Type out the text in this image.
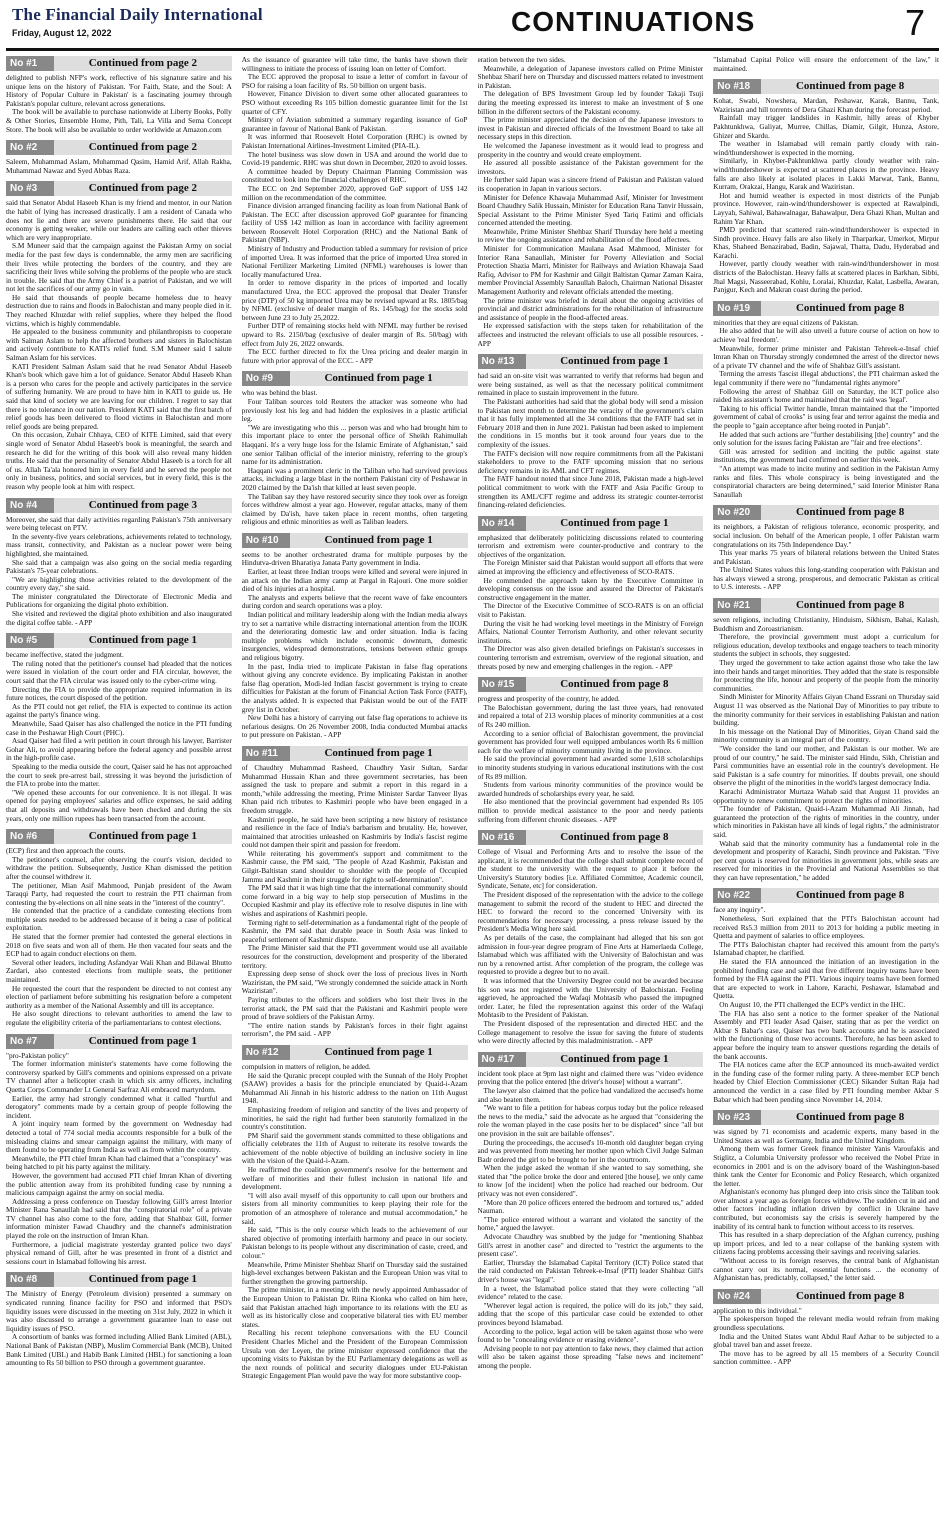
The Financial Daily International
Friday, August 12, 2022	CONTINUATIONS	7
No #1	Continued from page 2

delighted to publish NFP's work, reflective of his signature satire and his unique lens on the history of Pakistan. 'For Faith, State, and the Soul: A History of Popular Culture in Pakistan' is a fascinating journey through Pakistan's popular culture, relevant across generations.

The book will be available to purchase nationwide at Liberty Books, Polly & Other Stories, Ensemble Home, Pith, Tali, La Villa and Sema Concept Store. The book will also be available to order worldwide at Amazon.com

No #2	Continued from page 2

Saleem, Muhammad Aslam, Muhammad Qasim, Hamid Arif, Allah Rakha, Muhammad Nawaz and Syed Abbas Raza.

No #3	Continued from page 2

said that Senator Abdul Haseeb Khan is my friend and mentor, in our Nation the habit of lying has increased drastically. I am a resident of Canada who does not lie and there are severe punishments there. He said that our economy is getting weaker, while our leaders are calling each other thieves which are very inappropriate.

S.M Muneer said that the campaign against the Pakistan Army on social media for the past few days is condemnable, the army men are sacrificing their lives while protecting the borders of the country, and they are sacrificing their lives while solving the problems of the people who are stuck in trouble. He said that the Army Chief is a patriot of Pakistan, and we will not let the sacrifices of our army go in vain.

He said that thousands of people became homeless due to heavy destruction due to rains and floods in Balochistan and many people died in it. They reached Khuzdar with relief supplies, where they helped the flood victims, which is highly commendable.

He appealed to the business community and philanthropists to cooperate with Salman Aslam to help the affected brothers and sisters in Balochistan and actively contribute to KATI's relief fund. S.M Muneer said I salute Salman Aslam for his services.

KATI President Salman Aslam said that he read Senator Abdul Haseeb Khan's book which gave him a lot of guidance. Senator Abdul Haseeb Khan is a person who cares for the people and actively participates in the service of suffering humanity. We are proud to have him in KATI to guide us. He said that kind of society we are leaving for our children. I regret to say that there is no tolerance in our nation. President KATI said that the first batch of relief goods has been delivered to flood victims in Balochistan and more relief goods are being prepared.

On this occasion, Zubair Chhaya, CEO of KITE Limited, said that every single word of Senator Abdul Haseeb's book is meaningful, the search and research he did for the writing of this book will also reveal many hidden truths. He said that the personality of Senator Abdul Haseeb is a torch for all of us. Allah Ta'ala honored him in every field and he served the people not only in business, politics, and social services, but in every field, this is the reason why people look at him with respect.

No #4	Continued from page 3

Moreover, she said that daily activities regarding Pakistan's 75th anniversary were being telecast on PTV.

In the seventy-five years celebrations, achievements related to technology, mass transit, connectivity, and Pakistan as a nuclear power were being highlighted, she maintained.

She said that a campaign was also going on the social media regarding Pakistan's 75-year celebrations.

"We are highlighting those activities related to the development of the country every day," she said.

The minister congratulated the Directorate of Electronic Media and Publications for organizing the digital photo exhibition.

She visited and reviewed the digital photo exhibition and also inaugurated the digital coffee table. - APP

No #5	Continued from page 1

became ineffective, stated the judgment.

The ruling noted that the petitioner's counsel had pleaded that the notices were issued in violation of the court order and FIA circular, however, the court said that the FIA circular was issued only to the cyber-crime wing.

Directing the FIA to provide the appropriate required information in its future notices, the court disposed of the petition.

As the PTI could not get relief, the FIA is expected to continue its action against the party's finance wing.

Meanwhile, Saad Qaiser has also challenged the notice in the PTI funding case in the Peshawar High Court (PHC).

Asad Qaiser had filed a writ petition in court through his lawyer, Barrister Gohar Ali, to avoid appearing before the federal agency and possible arrest in the high-profile case.

Speaking to the media outside the court, Qaiser said he has not approached the court to seek pre-arrest bail, stressing it was beyond the jurisdiction of the FIA to probe into the matter.

"We opened these accounts for our convenience. It is not illegal. It was opened for paying employees' salaries and office expenses, he said adding that all deposits and withdrawals have been checked and during the six years, only one million rupees has been transacted from the account.

No #6	Continued from page 1

(ECP) first and then approach the courts.

The petitioner's counsel, after observing the court's vision, decided to withdraw the petition. Subsequently, Justice Khan dismissed the petition after the counsel withdrew it.

The petitioner, Mian Asif Mahmood, Punjab president of the Awam Taraqqi Party, had requested the court to restrain the PTI chairman from contesting the by-elections on all nine seats in the "interest of the country".

He contended that the practice of a candidate contesting elections from multiple seats needed to be addressed because of it being a case of political exploitation.

He stated that the former premier had contested the general elections in 2018 on five seats and won all of them. He then vacated four seats and the ECP had to again conduct elections on them.

Several other leaders, including Asfandyar Wali Khan and Bilawal Bhutto Zardari, also contested elections from multiple seats, the petitioner maintained.

He requested the court that the respondent be directed to not contest any election of parliament before submitting his resignation before a competent authority as a member of the National Assembly and till its acceptance.

He also sought directions to relevant authorities to amend the law to regulate the eligibility criteria of the parliamentarians to contest elections.

No #7	Continued from page 1

"pro-Pakistan policy"

The former information minister's statements have come following the controversy sparked by Gill's comments and opinions expressed on a private TV channel after a helicopter crash in which six army officers, including Quetta Corps Commander Lt General Sarfraz Ali embraced martyrdom.

Earlier, the army had strongly condemned what it called "hurtful and derogatory" comments made by a certain group of people following the incident.

A joint inquiry team formed by the government on Wednesday had detected a total of 774 social media accounts responsible for a bulk of the misleading claims and smear campaign against the military, with many of them found to be operating from India as well as from within the country.

Meanwhile, the PTI chief Imran Khan had claimed that a "conspiracy" was being hatched to pit his party against the military.

However, the government had accused PTI chief Imran Khan of diverting the public attention away from its prohibited funding case by running a malicious campaign against the army on social media.

Addressing a press conference on Tuesday following Gill's arrest Interior Minister Rana Sanaullah had said that the "conspiratorial role" of a private TV channel has also come to the fore, adding that Shahbaz Gill, former information minister Fawad Chaudhry and the channel's administration played the role on the instruction of Imran Khan.

Furthermore, a judicial magistrate yesterday granted police two days' physical remand of Gill, after he was presented in front of a district and sessions court in Islamabad following his arrest.

No #8	Continued from page 1

The Ministry of Energy (Petroleum division) presented a summary on syndicated running finance facility for PSO and informed that PSO's liquidity issues were discussed in the meeting on 31st July, 2022 in which it was also discussed to arrange a government guarantee loan to ease out liquidity issues of PSO.

A consortium of banks was formed including Allied Bank Limited (ABL), National Bank of Pakistan (NBP), Muslim Commercial Bank (MCB), United Bank Limited (UBL) and Habib Bank Limited (HBL) for sanctioning a loan amounting to Rs 50 billion to PSO through a government guarantee.

As the issuance of guarantee will take time, the banks have shown their willingness to initiate the process of issuing loan on letter of Comfort.

The ECC approved the proposal to issue a letter of comfort in favour of PSO for raising a loan facility of Rs. 50 billion on urgent basis.

However, Finance Division to divert some other allocated guarantees to PSO without exceeding Rs 105 billion domestic guarantee limit for the 1st quarter of CFY.

Ministry of Aviation submitted a summary regarding issuance of GoP guarantee in favour of National Bank of Pakistan.

It was informed that Roosevelt Hotel Corporation (RHC) is owned by Pakistan International Airlines-Investment Limited (PIA-IL).

The hotel business was slow down in USA and around the world due to Covid-19 pandemic. RHC was shut down in December, 2020 to avoid losses.

A committee headed by Deputy Chairman Planning Commission was constituted to look into the financial challenges of RHC.

The ECC on 2nd September 2020, approved GoP support of US$ 142 million on the recommendation of the committee.

Finance division arranged financing facility as loan from National Bank of Pakistan. The ECC after discussion approved GoP guarantee for financing facility of US$ 142 million as loan in accordance with facility agreement between Roosevelt Hotel Corporation (RHC) and the National Bank of Pakistan (NBP).

Ministry of Industry and Production tabled a summary for revision of price of imported Urea. It was informed that the price of imported Urea stored in National Fertilizer Marketing Limited (NFML) warehouses is lower than locally manufactured Urea.

In order to remove disparity in the prices of imported and locally manufactured Urea, the ECC approved the proposal that Dealer Transfer price (DTP) of 50 kg imported Urea may be revised upward at Rs. 1805/bag by NFML (exclusive of dealer margin of Rs. 145/bag) for the stocks sold between June 23 to July 25,2022.

Further DTP of remaining stocks held with NFML may further be revised upward to Rs. 2150/bag (exclusive of dealer margin of Rs. 50/bag) with effect from July 26, 2022 onwards.

The ECC further directed to fix the Urea pricing and dealer margin in future with prior approval of the ECC. - APP

No #9	Continued from page 1

who was behind the blast.

Four Taliban sources told Reuters the attacker was someone who had previously lost his leg and had hidden the explosives in a plastic artificial leg.

"We are investigating who this ... person was and who had brought him to this important place to enter the personal office of Sheikh Rahimullah Haqqani. It's a very huge loss for the Islamic Emirate of Afghanistan," said one senior Taliban official of the interior ministry, referring to the group's name for its administration.

Haqqani was a prominent cleric in the Taliban who had survived previous attacks, including a large blast in the northern Pakistani city of Peshawar in 2020 claimed by the Da'ish that killed at least seven people.

The Taliban say they have restored security since they took over as foreign forces withdrew almost a year ago. However, regular attacks, many of them claimed by Da'ish, have taken place in recent months, often targeting religious and ethnic minorities as well as Taliban leaders.

No #10	Continued from page 1

seems to be another orchestrated drama for multiple purposes by the Hindutva-driven Bharatiya Janata Party government in India.

Earlier, at least three Indian troops were killed and several were injured in an attack on the Indian army camp at Pargal in Rajouri. One more soldier died of his injuries at a hospital.

The analysts and experts believe that the recent wave of fake encounters during cordon and search operations was a ploy.

Indian political and military leadership along with the Indian media always try to set a narrative while distracting international attention from the IIOJK and the deteriorating domestic law and order situation. India is facing multiple problems which include economic downturn, domestic insurgencies, widespread demonstrations, tensions between ethnic groups and religious bigotry.

In the past, India tried to implicate Pakistan in false flag operations without giving any concrete evidence. By implicating Pakistan in another false flag operation, Modi-led Indian fascist government is trying to create difficulties for Pakistan at the forum of Financial Action Task Force (FATF), the analysts added. It is expected that Pakistan would be out of the FATF grey list in October.

New Delhi has a history of carrying out false flag operations to achieve its nefarious designs. On 26 November 2008, India conducted Mumbai attacks to put pressure on Pakistan. - APP

No #11	Continued from page 1

of Chaudhry Muhammad Rasheed, Chaudhry Yasir Sultan, Sardar Muhammad Hussain Khan and three government secretaries, has been assigned the task to prepare and submit a report in this regard in a month,"while addressing the meeting, Prime Minister Sardar Tanveer Ilyas Khan paid rich tributes to Kashmiri people who have been engaged in a freedom struggle.

Kashmiri people, he said have been scripting a new history of resistance and resilience in the face of India's barbarism and brutality. He, however, maintained that atrocities unleashed on Kashmiris by India's fascist regime could not dampen their spirit and passion for freedom.

While reiterating his government's support and commitment to the Kashmir cause, the PM said, "The people of Azad Kashmir, Pakistan and Gilgit-Baltistan stand shoulder to shoulder with the people of Occupied Jammu and Kashmir in their struggle for right to self-determination".

The PM said that it was high time that the international community should come forward in a big way to help stop persecution of Muslims in the Occupied Kashmir and play its effective role to resolve disputes in line with wishes and aspirations of Kashmiri people.

Terming right to self-determination as a fundamental right of the people of Kashmir, the PM said that durable peace in South Asia was linked to peaceful settlement of Kashmir dispute.

The Prime Minister said that the PTI government would use all available resources for the construction, development and prosperity of the liberated territory.

Expressing deep sense of shock over the loss of precious lives in North Waziristan, the PM said, "We strongly condemned the suicide attack in North Waziristan".

Paying tributes to the officers and soldiers who lost their lives in the terrorist attack, the PM said that the Pakistani and Kashmiri people were proud of brave soldiers of the Pakistan Army.

"The entire nation stands by Pakistan's forces in their fight against terrorism", the PM said. - APP

No #12	Continued from page 1

compulsion in matters of religion, he added.

He said the Quranic precept coupled with the Sunnah of the Holy Prophet (SAAW) provides a basis for the principle enunciated by Quaid-i-Azam Muhammad Ali Jinnah in his historic address to the nation on 11th August 1948.

Emphasizing freedom of religion and sanctity of the lives and property of minorities, he said the right had further been statutorily formalized in the country's constitution.

PM Sharif said the government stands committed to these obligations and officially celebrates the 11th of August to reiterate its resolve towards the achievement of the noble objective of building an inclusive society in line with the vision of the Quaid-i-Azam.

He reaffirmed the coalition government's resolve for the betterment and welfare of minorities and their fullest inclusion in national life and development.

"I will also avail myself of this opportunity to call upon our brothers and sisters from all minority communities to keep playing their role for the promotion of an atmosphere of tolerance and mutual accommodation," he said.

He said, "This is the only course which leads to the achievement of our shared objective of promoting interfaith harmony and peace in our society. Pakistan belongs to its people without any discrimination of caste, creed, and colour."

Meanwhile, Prime Minister Shehbaz Sharif on Thursday said the sustained high-level exchanges between Pakistan and the European Union was vital to further strengthen the growing partnership.

The prime minister, in a meeting with the newly appointed Ambassador of the European Union to Pakistan Dr. Riina Kionka who called on him here, said that Pakistan attached high importance to its relations with the EU as well as its historically close and cooperative bilateral ties with EU member states.

Recalling his recent telephone conversations with the EU Council President Charles Michel and the President of the European Commission Ursula von der Leyen, the prime minister expressed confidence that the upcoming visits to Pakistan by the EU Parliamentary delegations as well as the next rounds of political and security dialogues under EU-Pakistan Strategic Engagement Plan would pave the way for more substantive coop-

eration between the two sides.

Meanwhile, a delegation of Japanese investors called on Prime Minister Shehbaz Sharif here on Thursday and discussed matters related to investment in Pakistan.

The delegation of BPS Investment Group led by founder Takaji Tsuji during the meeting expressed its interest to make an investment of $ one billion in the different sectors of the Pakistani economy.

The prime minister appreciated the decision of the Japanese investors to invest in Pakistan and directed officials of the Investment Board to take all necessary steps in this direction.

He welcomed the Japanese investment as it would lead to progress and prosperity in the country and would create employment.

He assured all possible assistance of the Pakistan government for the investors.

He further said Japan was a sincere friend of Pakistan and Pakistan valued its cooperation in Japan in various sectors.

Minister for Defence Khawaja Muhammad Asif, Minister for Investment Board Chaudhry Salik Hussain, Minister for Education Rana Tanvir Hussain, Special Assistant to the Prime Minister Syed Tariq Fatimi and officials concerned attended the meeting.

Meanwhile, Prime Minister Shehbaz Sharif Thursday here held a meeting to review the ongoing assistance and rehabilitation of the flood affectees.

Minister for Communication Maulana Asad Mahmood, Minister for Interior Rana Sanaullah, Minister for Poverty Alleviation and Social Protection Shazia Marri, Minister for Railways and Aviation Khawaja Saad Rafiq, Advisor to PM for Kashmir and Gilgit Baltistan Qamar Zaman Kaira, member Provincial Assembly Sanaullah Baloch, Chairman National Disaster Management Authority and relevant officials attended the meeting.

The prime minister was briefed in detail about the ongoing activities of provincial and district administrations for the rehabilitation of infrastructure and assistance of people in the flood-affected areas.

He expressed satisfaction with the steps taken for rehabilitation of the affectees and instructed the relevant officials to use all possible resources. - APP

No #13	Continued from page 1

had said an on-site visit was warranted to verify that reforms had begun and were being sustained, as well as that the necessary political commitment remained in place to sustain improvement in the future.

The Pakistani authorities had said that the global body will send a mission to Pakistan next month to determine the veracity of the government's claim that it has fully implemented all the 34 conditions that the FATF had set in February 2018 and then in June 2021. Pakistan had been asked to implement the conditions in 15 months but it took around four years due to the complexity of the issues.

The FATF's decision will now require commitments from all the Pakistani stakeholders to prove to the FATF upcoming mission that no serious deficiency remains in its AML and CFT regimes.

The FATF handout noted that since June 2018, Pakistan made a high-level political commitment to work with the FATF and Asia Pacific Group to strengthen its AML/CFT regime and address its strategic counter-terrorist financing-related deficiencies.

No #14	Continued from page 1

emphasized that deliberately politicizing discussions related to countering terrorism and extremism were counter-productive and contrary to the objectives of the organization.

The Foreign Minister said that Pakistan would support all efforts that were aimed at improving the efficiency and effectiveness of SCO-RATS.

He commended the approach taken by the Executive Committee in developing consensus on the issue and assured the Director of Pakistan's constructive engagement in the matter.

The Director of the Executive Committee of SCO-RATS is on an official visit to Pakistan.

During the visit he had working level meetings in the Ministry of Foreign Affairs, National Counter Terrorism Authority, and other relevant security institutions.

The Director was also given detailed briefings on Pakistan's successes in countering terrorism and extremism, overview of the regional situation, and threats posed by new and emerging challenges in the region. - APP

No #15	Continued from page 8

progress and prosperity of the country, he added.

The Balochistan government, during the last three years, had renovated and repaired a total of 213 worship places of minority communities at a cost of Rs 240 million.

According to a senior official of Balochistan government, the provincial government has provided four well equipped ambulances worth Rs 6 million each for the welfare of minority community living in the province.

He said the provincial government had awarded some 1,618 scholarships to minority students studying in various educational institutions with the cost of Rs 89 million.

Students from various minority communities of the province would be awarded hundreds of scholarships every year, he said.

He also mentioned that the provincial government had expended Rs 105 million to provide medical assistance to the poor and needy patients suffering from different chronic diseases. - APP

No #16	Continued from page 8

College of Visual and Performing Arts and to resolve the issue of the applicant, it is recommended that the college shall submit complete record of the student to the university with the request to place it before the University's Statutory bodies [i.e. Affiliated Committee, Academic council, Syndicate, Senate, etc] for consideration.

The President disposed of the representation with the advice to the college management to submit the record of the student to HEC and directed the HEC to forward the record to the concerned University with its recommendations for necessary processing, a press release issued by the President's Media Wing here said.

As per details of the case, the complainant had alleged that his son got admission in four-year degree program of Fine Arts at Hamerlaeda College, Islamabad which was affiliated with the University of Balochistan and was run by a renowned artist. After completion of the program, the college was requested to provide a degree but to no avail.

It was informed that the University Degree could not be awarded because his son was not registered with the University of Balochistan. Feeling aggrieved, he approached the Wafaqi Mohtasib who passed the impugned order. Later, he filed the representation against this order of the Wafaqi Mohtasib to the President of Pakistan.

The President disposed of the representation and directed HEC and the College management to resolve the issue for saving the future of students who were directly affected by this maladministration. - APP

No #17	Continued from page 1

incident took place at 9pm last night and claimed there was "video evidence proving that the police entered [the driver's house] without a warrant".

The lawyer also claimed that the police had vandalized the accused's home and also beaten them.

"We want to file a petition for habeas corpus today but the police released the news to the media," said the advocate as he argued that "considering the role the woman played in the case posits her to be displaced" since "all but one provision in the suit are bailable offenses".

During the proceedings, the accused's 10-month old daughter began crying and was prevented from meeting her mother upon which Civil Judge Salman Badr ordered the girl to be brought to her in the courtroom.

When the judge asked the woman if she wanted to say something, she stated that "the police broke the door and entered [the house], we only came to know [of the incident] when the police had reached our bedroom. Our privacy was not even considered".

"More than 20 police officers entered the bedroom and tortured us," added Nauman.

"The police entered without a warrant and violated the sanctity of the home," argued the lawyer.

Advocate Chaudhry was snubbed by the judge for "mentioning Shahbaz Gill's arrest in another case" and directed to "restrict the arguments to the present case".

Earlier, Thursday the Islamabad Capital Territory (ICT) Police stated that the raid conducted on Pakistan Tehreek-e-Insaf (PTI) leader Shahbaz Gill's driver's house was "legal".

In a tweet, the Islamabad police stated that they were collecting "all evidence" related to the case.

"Wherever legal action is required, the police will do its job," they said, adding that the scope of this particular case could be extended to other provinces beyond Islamabad.

According to the police, legal action will be taken against those who were found to be "concealing evidence or erasing evidence".

Advising people to not pay attention to fake news, they claimed that action will also be taken against those spreading "false news and incitement" among the people.

"Islamabad Capital Police will ensure the enforcement of the law," it maintained.

No #18	Continued from page 8

Kohat, Swabi, Nowshera, Mardan, Peshawar, Karak, Bannu, Tank, Waziristan and hill torrents of Dera Ghazi Khan during the forecast period.

Rainfall may trigger landslides in Kashmir, hilly areas of Khyber Pakhtunkhwa, Galiyat, Murree, Chillas, Diamir, Gilgit, Hunza, Astore, Ghizer and Skardu.

The weather in Islamabad will remain partly cloudy with rain-wind/thundershower is expected in the morning.

Similarly, in Khyber-Pakhtunkhwa partly cloudy weather with rain-wind/thundershower is expected at scattered places in the province. Heavy falls are also likely at isolated places in Lakki Marwat, Tank, Bannu, Kurram, Orakzai, Hangu, Karak and Waziristan.

Hot and humid weather is expected in most districts of the Punjab province. However, rain-wind/thundershower is expected at Rawalpindi, Layyah, Sahiwal, Bahawalnagar, Bahawalpur, Dera Ghazi Khan, Multan and Rahim Yar Khan.

PMD predicted that scattered rain-wind/thundershower is expected in Sindh province. Heavy falls are also likely in Tharparkar, Umerkot, Mirpur Khas, Shaheed Benazirabad, Badin, Sajawal, Thatta, Dadu, Hyderabad and Karachi.

However, partly cloudy weather with rain-wind/thundershower in most districts of the Balochistan. Heavy falls at scattered places in Barkhan, Sibbi, Jhal Magsi, Nasseerabad, Kohlu, Loralai, Khuzdar, Kalat, Lasbella, Awaran, Panjgur, Kech and Makran coast during the period.

No #19	Continued from page 8

minorities that they are equal citizens of Pakistan.

He also added that he will also unveil a future course of action on how to achieve 'real freedom'.

Meanwhile, former prime minister and Pakistan Tehreek-e-Insaf chief Imran Khan on Thursday strongly condemned the arrest of the director news of a private TV channel and the wife of Shahbaz Gill's assistant.

Terming the arrests 'fascist illegal abductions', the PTI chairman asked the legal community if there were no "fundamental rights anymore"

Following the arrest of Shahbaz Gill on Saturday, the ICT police also raided his assistant's home and maintained that the raid was 'legal'.

Taking to his official Twitter handle, Imran maintained that the "imported government of cabal of crooks" is using fear and terror against the media and the people to "gain acceptance after being rooted in Punjab".

He added that such actions are "further destabilising [the] country" and the only solution for the issues facing Pakistan are "fair and free elections".

Gill was arrested for sedition and inciting the public against state institutions, the government had confirmed on earlier this week.

"An attempt was made to incite mutiny and sedition in the Pakistan Army ranks and files. This whole conspiracy is being investigated and the conspiratorial characters are being determined," said Interior Minister Rana Sanaullah

No #20	Continued from page 8

its neighbors, a Pakistan of religious tolerance, economic prosperity, and social inclusion. On behalf of the American people, I offer Pakistan warm congratulations on its 75th Independence Day."

This year marks 75 years of bilateral relations between the United States and Pakistan.

The United States values this long-standing cooperation with Pakistan and has always viewed a strong, prosperous, and democratic Pakistan as critical to U.S. interests. - APP

No #21	Continued from page 8

seven religions, including Christianity, Hinduism, Sikhism, Bahai, Kalash, Buddhism and Zoroastrianism.

Therefore, the provincial government must adopt a curriculum for religious education, develop textbooks and engage teachers to teach minority students the subject in schools, they suggested.

They urged the government to take action against those who take the law into their hands and target minorities. They added that the state is responsible for protecting the life, honour and property of the people from the minority communities.

Sindh Minister for Minority Affairs Giyan Chand Essrani on Thursday said August 11 was observed as the National Day of Minorities to pay tribute to the minority community for their services in establishing Pakistan and nation building.

In his message on the National Day of Minorities, Giyan Chand said the minority community is an integral part of the country.

"We consider the land our mother, and Pakistan is our mother. We are proud of our country," he said. The minister said Hindu, Sikh, Christian and Parsi communities have an essential role in the country's development. He said Pakistan is a safe country for minorities. If doubts prevail, one should observe the plight of the minorities in the world's largest democracy India.

Karachi Administrator Murtaza Wahab said that August 11 provides an opportunity to renew commitment to protect the rights of minorities.

"The founder of Pakistan, Quaid-i-Azam Muhammad Ali Jinnah, had guaranteed the protection of the rights of minorities in the country, under which minorities in Pakistan have all kinds of legal rights," the administrator said.

Wahab said that the minority community has a fundamental role in the development and prosperity of Karachi, Sindh province and Pakistan. "Five per cent quota is reserved for minorities in government jobs, while seats are reserved for minorities in the Provincial and National Assemblies so that they can have representation," he added

No #22	Continued from page 8

face any inquiry".

Nonetheless, Suri explained that the PTI's Balochistan account had received Rs5.3 million from 2011 to 2013 for holding a public meeting in Quetta and payment of salaries to office employees.

The PTI's Balochistan chapter had received this amount from the party's Islamabad chapter, he clarified.

He stated the FIA announced the initiation of an investigation in the prohibited funding case and said that five different inquiry teams have been formed by the FIA against the PTI. Various inquiry teams have been formed that are expected to work in Lahore, Karachi, Peshawar, Islamabad and Quetta.

On August 10, the PTI challenged the ECP's verdict in the IHC.

The FIA has also sent a notice to the former speaker of the National Assembly and PTI leader Asad Qaiser, stating that as per the verdict on Akbar S Babar's case, Qaiser has two bank accounts and he is associated with the functioning of those two accounts. Therefore, he has been asked to appear before the inquiry team to answer questions regarding the details of the bank accounts.

The FIA notices came after the ECP announced its much-awaited verdict in the funding case of the former ruling party. A three-member ECP bench headed by Chief Election Commissioner (CEC) Sikander Sultan Raja had announced the verdict in a case filed by PTI founding member Akbar S Babar which had been pending since November 14, 2014.

No #23	Continued from page 8

was signed by 71 economists and academic experts, many based in the United States as well as Germany, India and the United Kingdom.

Among them was former Greek finance minister Yanis Varoufakis and Stiglitz, a Columbia University professor who received the Nobel Prize in economics in 2001 and is on the advisory board of the Washington-based think tank the Center for Economic and Policy Research, which organized the letter.

Afghanistan's economy has plunged deep into crisis since the Taliban took over almost a year ago as foreign forces withdrew. The sudden cut in aid and other factors including inflation driven by conflict in Ukraine have contributed, but economists say the crisis is severely hampered by the inability of its central bank to function without access to its reserves.

This has resulted in a sharp depreciation of the Afghan currency, pushing up import prices, and led to a near collapse of the banking system with citizens facing problems accessing their savings and receiving salaries.

"Without access to its foreign reserves, the central bank of Afghanistan cannot carry out its normal, essential functions ... the economy of Afghanistan has, predictably, collapsed," the letter said.

No #24	Continued from page 8

application to this individual."

The spokesperson hoped the relevant media would refrain from making groundless speculations.

India and the United States want Abdul Rauf Azhar to be subjected to a global travel ban and asset freeze.

The move has to be agreed by all 15 members of a Security Council sanction committee. - APP
